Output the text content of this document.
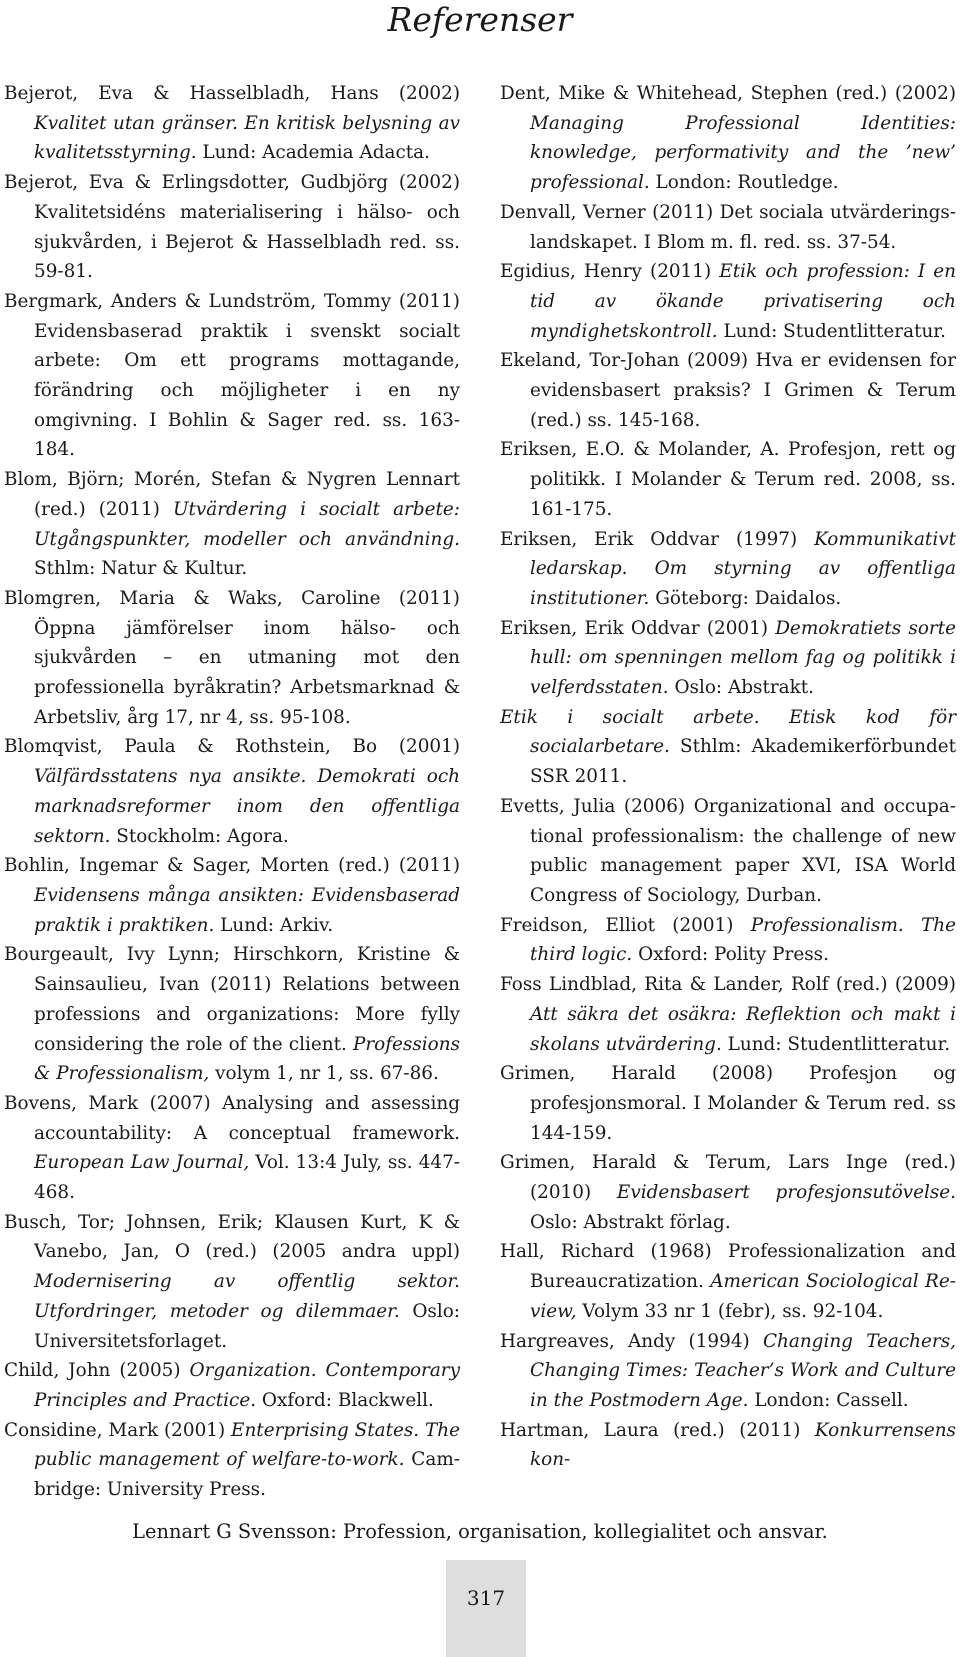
Referenser

Bejerot, Eva & Hasselbladh, Hans (2002) Kvalitet utan gränser. En kritisk belysning av kvalitetsstyrning. Lund: Academia Adacta.

Bejerot, Eva & Erlingsdotter, Gudbjörg (2002) Kvalitetsidéns materialisering i hälso- och sjukvården, i Bejerot & Hasselbladh red. ss. 59-81.

Bergmark, Anders & Lundström, Tommy (2011) Evidensbaserad praktik i svenskt socialt arbete: Om ett programs mottagande, förändring och möjligheter i en ny omgivning. I Bohlin & Sager red. ss. 163-184.

Blom, Björn; Morén, Stefan & Nygren Lennart (red.) (2011) Utvärdering i socialt arbete: Utgångspunkter, modeller och användning. Sthlm: Natur & Kultur.

Blomgren, Maria & Waks, Caroline (2011) Öppna jämförelser inom hälso- och sjukvården – en utmaning mot den professionella byråkratin? Arbetsmarknad & Arbetsliv, årg 17, nr 4, ss. 95-108.

Blomqvist, Paula & Rothstein, Bo (2001) Välfärdsstatens nya ansikte. Demokrati och marknadsreformer inom den offentliga sektorn. Stockholm: Agora.

Bohlin, Ingemar & Sager, Morten (red.) (2011) Evidensens många ansikten: Evidensbaserad praktik i praktiken. Lund: Arkiv.

Bourgeault, Ivy Lynn; Hirschkorn, Kristine & Sainsaulieu, Ivan (2011) Relations between professions and organizations: More fylly considering the role of the client. Professions & Professionalism, volym 1, nr 1, ss. 67-86.

Bovens, Mark (2007) Analysing and assessing accountability: A conceptual framework. European Law Journal, Vol. 13:4 July, ss. 447-468.

Busch, Tor; Johnsen, Erik; Klausen Kurt, K & Vanebo, Jan, O (red.) (2005 andra uppl) Modernisering av offentlig sektor. Utfordringer, metoder og dilemmaer. Oslo: Universitetsforlaget.

Child, John (2005) Organization. Contemporary Principles and Practice. Oxford: Blackwell.

Considine, Mark (2001) Enterprising States. The public management of welfare-to-work. Cambridge: University Press.

Dent, Mike & Whitehead, Stephen (red.) (2002) Managing Professional Identities: knowledge, performativity and the ’new’ professional. London: Routledge.

Denvall, Verner (2011) Det sociala utvärderingslandskapet. I Blom m. fl. red. ss. 37-54.

Egidius, Henry (2011) Etik och profession: I en tid av ökande privatisering och myndighetskontroll. Lund: Studentlitteratur.

Ekeland, Tor-Johan (2009) Hva er evidensen for evidensbasert praksis? I Grimen & Terum (red.) ss. 145-168.

Eriksen, E.O. & Molander, A. Profesjon, rett og politikk. I Molander & Terum red. 2008, ss. 161-175.

Eriksen, Erik Oddvar (1997) Kommunikativt ledarskap. Om styrning av offentliga institutioner. Göteborg: Daidalos.

Eriksen, Erik Oddvar (2001) Demokratiets sorte hull: om spenningen mellom fag og politikk i velferdsstaten. Oslo: Abstrakt.

Etik i socialt arbete. Etisk kod för socialarbetare. Sthlm: Akademikerförbundet SSR 2011.

Evetts, Julia (2006) Organizational and occupational professionalism: the challenge of new public management paper XVI, ISA World Congress of Sociology, Durban.

Freidson, Elliot (2001) Professionalism. The third logic. Oxford: Polity Press.

Foss Lindblad, Rita & Lander, Rolf (red.) (2009) Att säkra det osäkra: Reflektion och makt i skolans utvärdering. Lund: Studentlitteratur.

Grimen, Harald (2008) Profesjon og profesjonsmoral. I Molander & Terum red. ss 144-159.

Grimen, Harald & Terum, Lars Inge (red.) (2010) Evidensbasert profesjonsutövelse. Oslo: Abstrakt förlag.

Hall, Richard (1968) Professionalization and Bureaucratization. American Sociological Review, Volym 33 nr 1 (febr), ss. 92-104.

Hargreaves, Andy (1994) Changing Teachers, Changing Times: Teacher’s Work and Culture in the Postmodern Age. London: Cassell.

Hartman, Laura (red.) (2011) Konkurrensens kon-

Lennart G Svensson: Profession, organisation, kollegialitet och ansvar.
317
